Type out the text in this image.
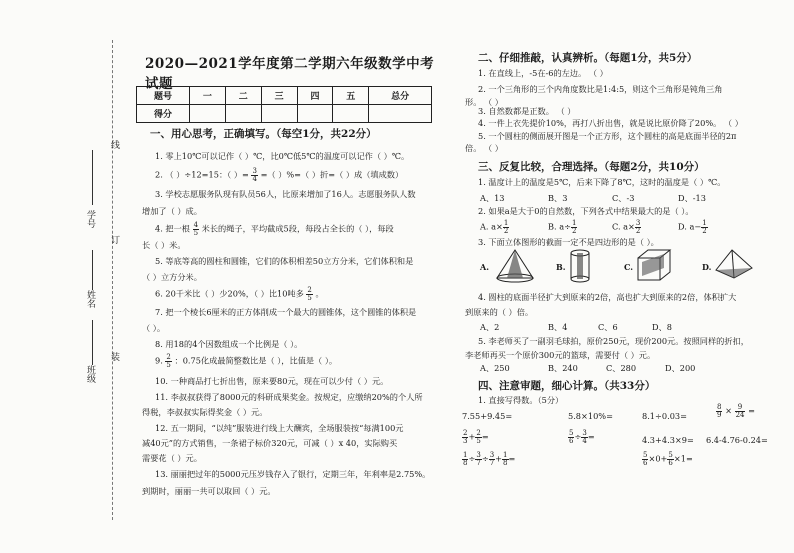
学号
姓名
班级
线
订
装
2020—2021学年度第二学期六年级数学中考试题
题号	一	二	三	四	五	总分
得分						
一、用心思考，正确填写。（每空1分，共22分）
1. 零上10℃可以记作（ ）℃，比0℃低5℃的温度可以记作（ ）℃。
2. （ ）÷12=15：（ ）= $\frac{3}{4}$ =（ ）%=（ ）折=（ ）成（填成数）
3. 学校志愿服务队现有队员56人，比原来增加了16人。志愿服务队人数
增加了（ ）成。
4. 把一根 $\frac{4}{5}$ 米长的绳子，平均截成5段，每段占全长的（ ），每段
长（ ）米。
5. 等底等高的圆柱和圆锥，它们的体积相差50立方分米，它们体积和是
（ ）立方分米。
6. 20千米比（ ）少20%，（ ）比10吨多 $\frac{2}{5}$ 。
7. 把一个棱长6厘米的正方体削成一个最大的圆锥体，这个圆锥的体积是
（ ）。
8. 用18的4个因数组成一个比例是（ ）。
9. $\frac{2}{5}$ ：0.75化成最简整数比是（ ），比值是（ ）。
10. 一种商品打七折出售，原来要80元，现在可以少付（ ）元。
11. 李叔叔获得了8000元的科研成果奖金。按规定，应缴纳20%的个人所
得税，李叔叔实际得奖金（ ）元。
12. 五一期间，“以纯”服装进行线上大酬宾，全场服装按“每满100元
减40元”的方式销售，一条裙子标价320元，可减（ ）x 40，实际购买
需要花（ ）元。
13. 丽丽把过年的5000元压岁钱存入了银行，定期三年，年利率是2.75%。
到期时，丽丽一共可以取回（ ）元。
二、仔细推敲，认真辨析。（每题1分，共5分）
1. 在直线上，-5在-6的左边。 （ ）
2. 一个三角形的三个内角度数比是1:4:5，则这个三角形是钝角三角
形。 （ ）
3. 自然数都是正数。 （ ）
4. 一件上衣先提价10%，再打八折出售，就是说比原价降了20%。 （ ）
5. 一个圆柱的侧面展开图是一个正方形，这个圆柱的高是底面半径的2π
倍。 （ ）
三、反复比较，合理选择。（每题2分，共10分）
1. 温度计上的温度是5℃，后来下降了8℃，这时的温度是（ ）℃。
A、13	B、3	C、-3	D、-13
2. 如果a是大于0的自然数，下列各式中结果最大的是（ ）。
A. $a\times \frac{1}{2}$	B. $a\div \frac{1}{2}$	C. $a\times \frac{3}{2}$	D. $a- \frac{1}{2}$
3. 下面立体图形的截面一定不是四边形的是（ ）。
A.	B.	C.	D.
4. 圆柱的底面半径扩大到原来的2倍，高也扩大到原来的2倍，体积扩大
到原来的（ ）倍。
A、2	B、4	C、6	D、8
5. 李老师买了一副羽毛球拍，原价250元，现价200元。按照同样的折扣，
李老师再买一个原价300元的篮球，需要付（ ）元。
A、250	B、240	C、280	D、200
四、注意审题，细心计算。（共33分）
1. 直接写得数。（5分）
7.55+9.45=	5.8×10%=	8.1÷0.03=	$\frac{8}{9} \times \frac{9}{24}$ =
$\frac{2}{3} + \frac{2}{5}$ =	$\frac{5}{6} \div \frac{3}{4}$ =	4.3+4.3×9= 6.4-4.76-0.24=
$\frac{1}{8} \div \frac{3}{7} \div \frac{3}{7} + \frac{1}{8}$ =	$\frac{5}{6} \times 0+ \frac{5}{6} \times 1=$
